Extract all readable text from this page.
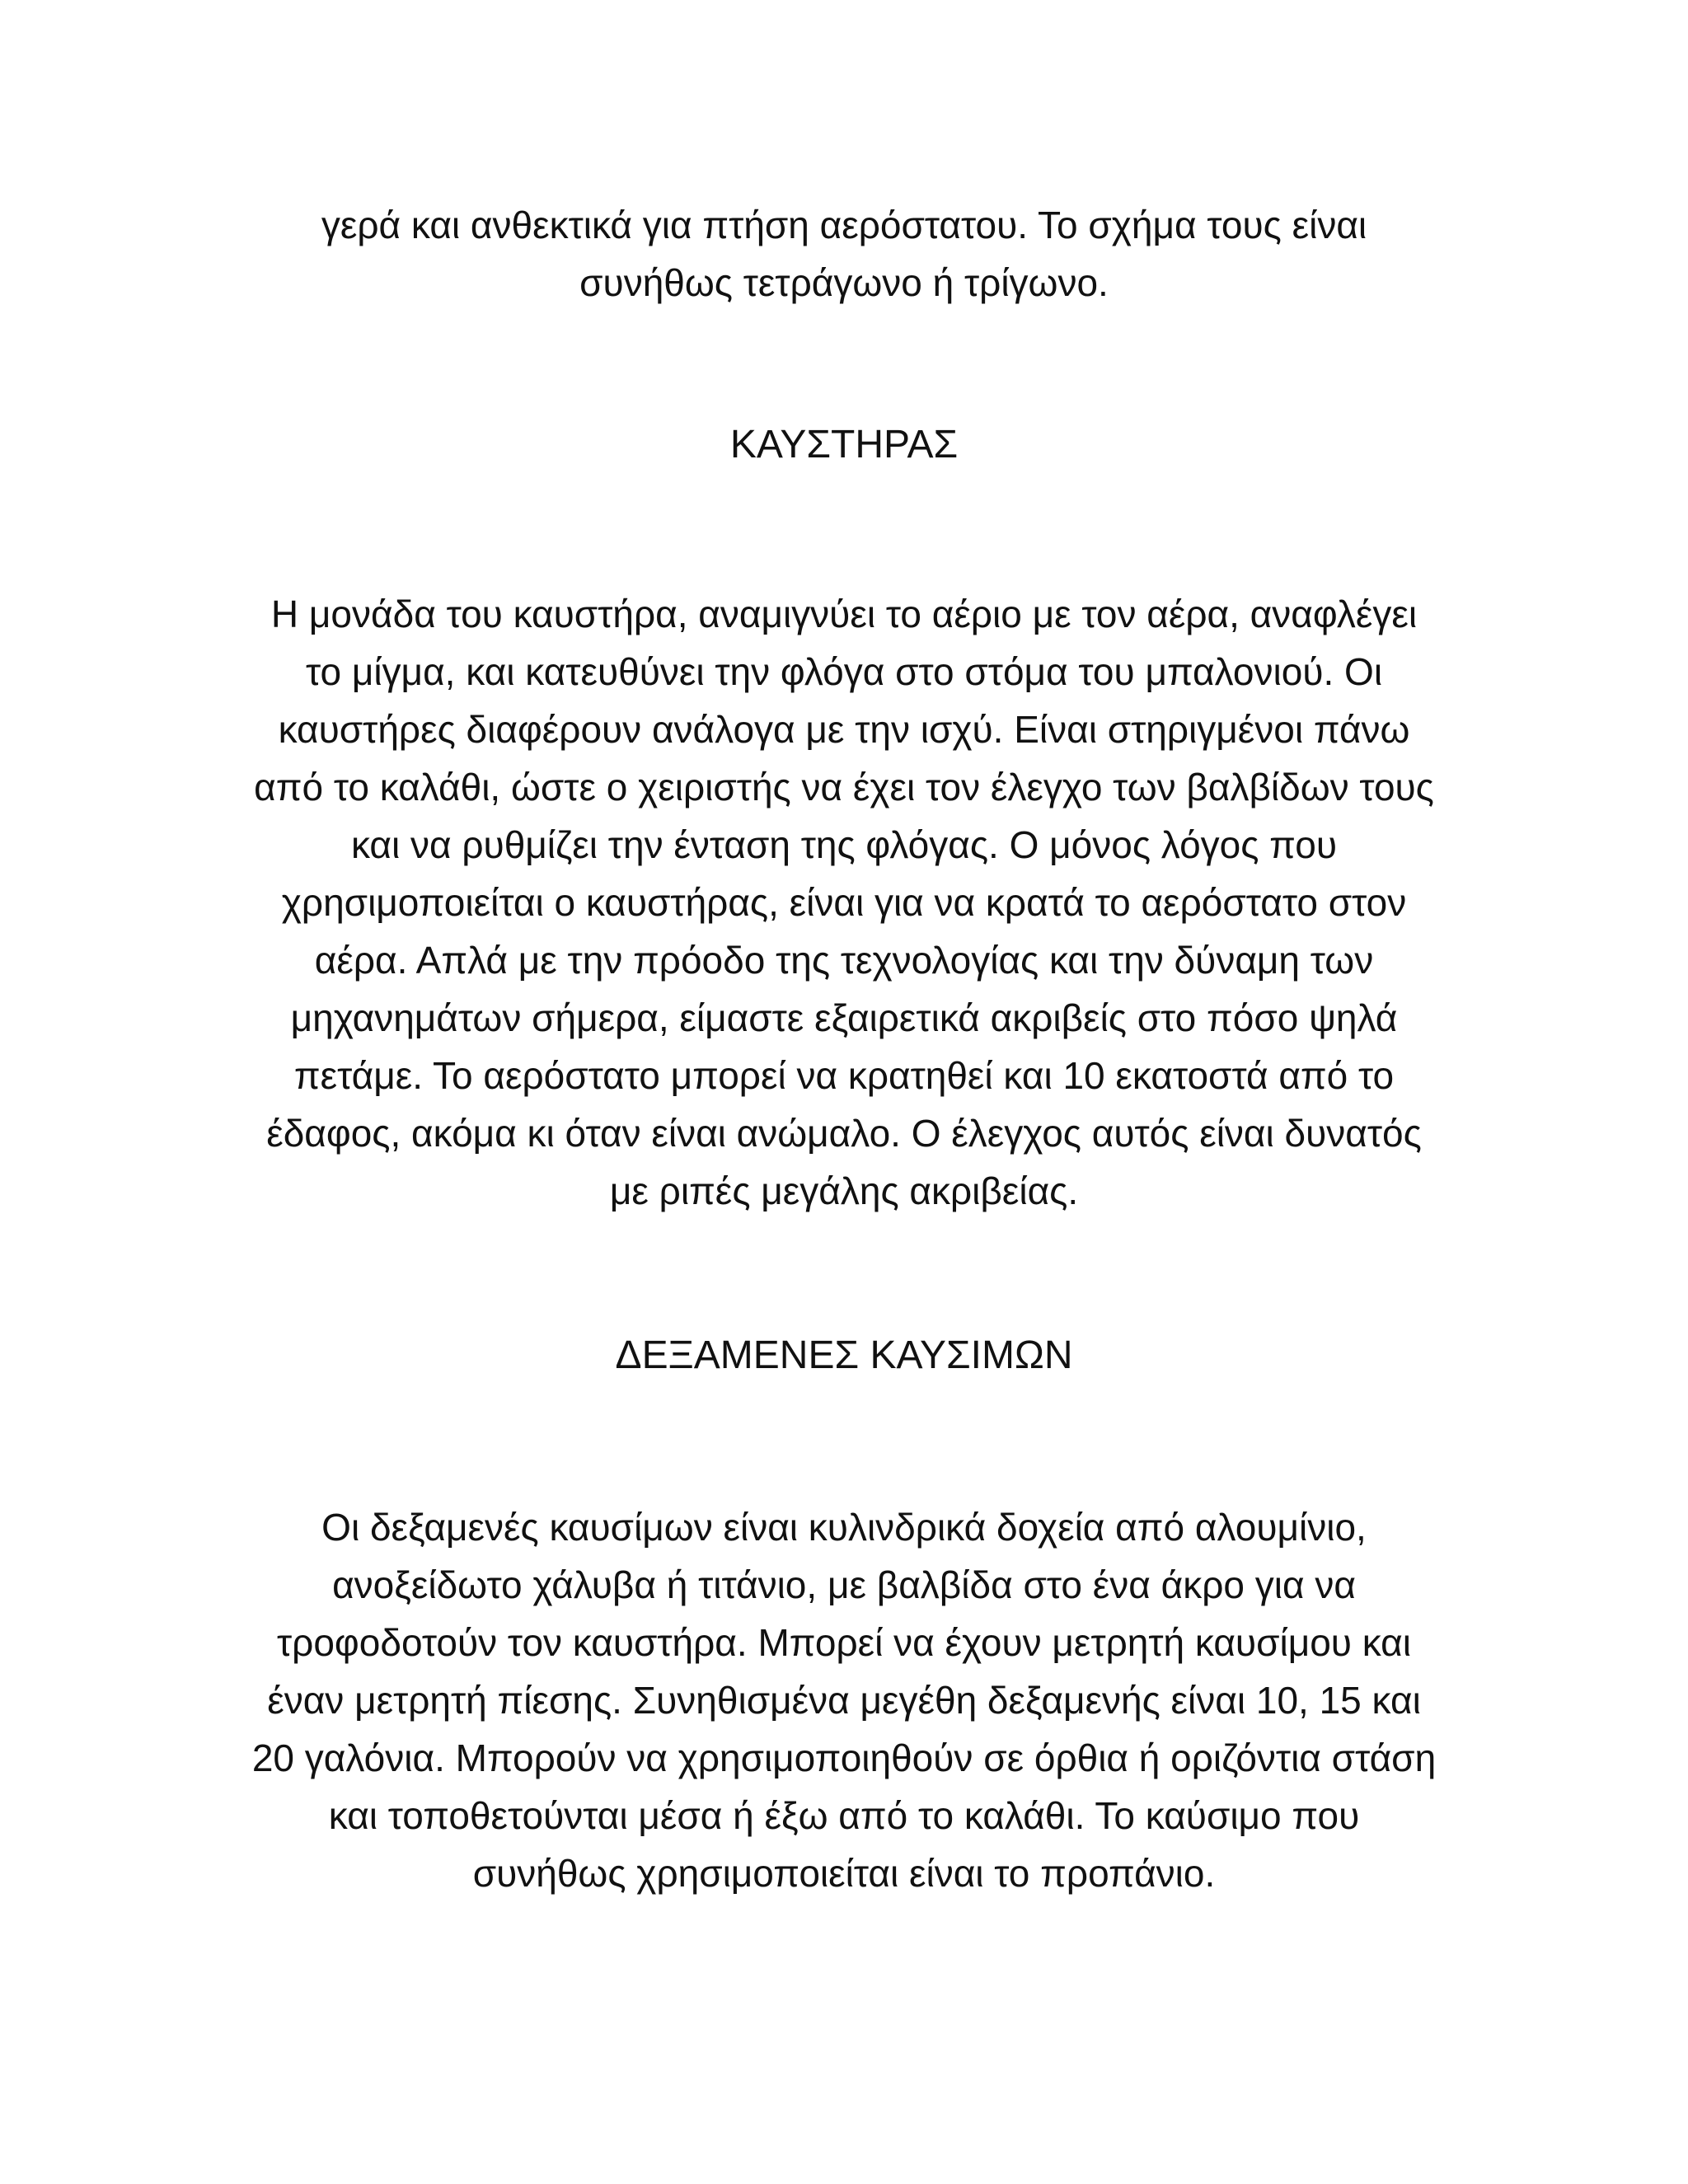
γερά και ανθεκτικά για πτήση αερόστατου. Το σχήμα τους είναι
συνήθως τετράγωνο ή τρίγωνο.
ΚΑΥΣΤΗΡΑΣ
Η μονάδα του καυστήρα, αναμιγνύει το αέριο με τον αέρα, αναφλέγει
το μίγμα, και κατευθύνει την φλόγα στο στόμα του μπαλονιού. Οι
καυστήρες διαφέρουν ανάλογα με την ισχύ. Είναι στηριγμένοι πάνω
από το καλάθι, ώστε ο χειριστής να έχει τον έλεγχο των βαλβίδων τους
και να ρυθμίζει την ένταση της φλόγας. Ο μόνος λόγος που
χρησιμοποιείται ο καυστήρας, είναι για να κρατά το αερόστατο στον
αέρα. Απλά με την πρόοδο της τεχνολογίας και την δύναμη των
μηχανημάτων σήμερα, είμαστε εξαιρετικά ακριβείς στο πόσο ψηλά
πετάμε. Το αερόστατο μπορεί να κρατηθεί και 10 εκατοστά από το
έδαφος, ακόμα κι όταν είναι ανώμαλο. Ο έλεγχος αυτός είναι δυνατός
με ριπές μεγάλης ακριβείας.
ΔΕΞΑΜΕΝΕΣ ΚΑΥΣΙΜΩΝ
Οι δεξαμενές καυσίμων είναι κυλινδρικά δοχεία από αλουμίνιο,
ανοξείδωτο χάλυβα ή τιτάνιο, με βαλβίδα στο ένα άκρο για να
τροφοδοτούν τον καυστήρα. Μπορεί να έχουν μετρητή καυσίμου και
έναν μετρητή πίεσης. Συνηθισμένα μεγέθη δεξαμενής είναι 10, 15 και
20 γαλόνια. Μπορούν να χρησιμοποιηθούν σε όρθια ή οριζόντια στάση
και τοποθετούνται μέσα ή έξω από το καλάθι. Το καύσιμο που
συνήθως χρησιμοποιείται είναι το προπάνιο.
